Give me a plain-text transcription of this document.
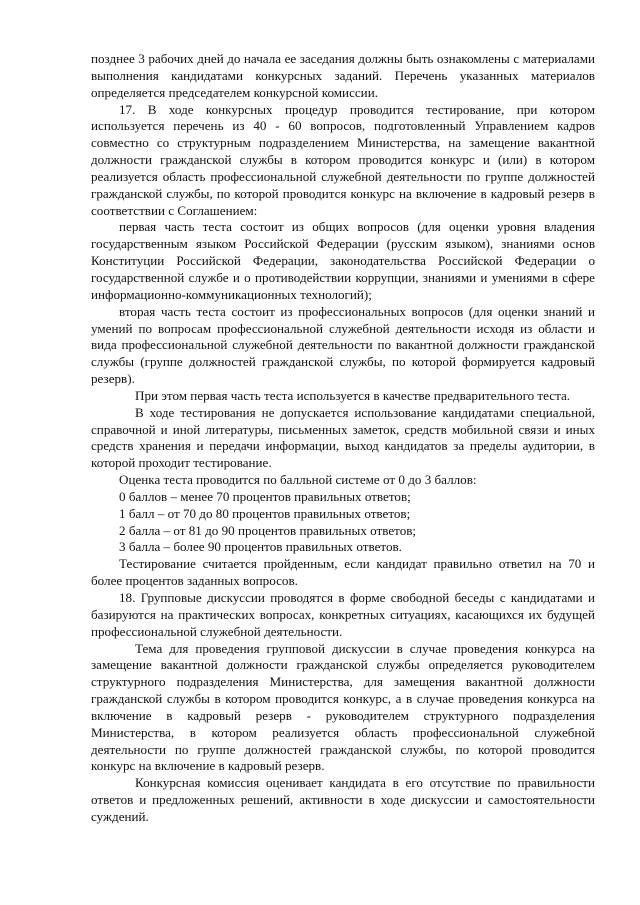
позднее 3 рабочих дней до начала ее заседания должны быть ознакомлены с материалами выполнения кандидатами конкурсных заданий. Перечень указанных материалов определяется председателем конкурсной комиссии.

17. В ходе конкурсных процедур проводится тестирование, при котором используется перечень из 40 - 60 вопросов, подготовленный Управлением кадров совместно со структурным подразделением Министерства, на замещение вакантной должности гражданской службы в котором проводится конкурс и (или) в котором реализуется область профессиональной служебной деятельности по группе должностей гражданской службы, по которой проводится конкурс на включение в кадровый резерв в соответствии с Соглашением:

первая часть теста состоит из общих вопросов (для оценки уровня владения государственным языком Российской Федерации (русским языком), знаниями основ Конституции Российской Федерации, законодательства Российской Федерации о государственной службе и о противодействии коррупции, знаниями и умениями в сфере информационно-коммуникационных технологий);

вторая часть теста состоит из профессиональных вопросов (для оценки знаний и умений по вопросам профессиональной служебной деятельности исходя из области и вида профессиональной служебной деятельности по вакантной должности гражданской службы (группе должностей гражданской службы, по которой формируется кадровый резерв).

При этом первая часть теста используется в качестве предварительного теста.

В ходе тестирования не допускается использование кандидатами специальной, справочной и иной литературы, письменных заметок, средств мобильной связи и иных средств хранения и передачи информации, выход кандидатов за пределы аудитории, в которой проходит тестирование.

Оценка теста проводится по балльной системе от 0 до 3 баллов:

0 баллов – менее 70 процентов правильных ответов;

1 балл – от 70 до 80 процентов правильных ответов;

2 балла – от 81 до 90 процентов правильных ответов;

3 балла – более 90 процентов правильных ответов.

Тестирование считается пройденным, если кандидат правильно ответил на 70 и более процентов заданных вопросов.

18. Групповые дискуссии проводятся в форме свободной беседы с кандидатами и базируются на практических вопросах, конкретных ситуациях, касающихся их будущей профессиональной служебной деятельности.

Тема для проведения групповой дискуссии в случае проведения конкурса на замещение вакантной должности гражданской службы определяется руководителем структурного подразделения Министерства, для замещения вакантной должности гражданской службы в котором проводится конкурс, а в случае проведения конкурса на включение в кадровый резерв - руководителем структурного подразделения Министерства, в котором реализуется область профессиональной служебной деятельности по группе должностей гражданской службы, по которой проводится конкурс на включение в кадровый резерв.

Конкурсная комиссия оценивает кандидата в его отсутствие по правильности ответов и предложенных решений, активности в ходе дискуссии и самостоятельности суждений.
